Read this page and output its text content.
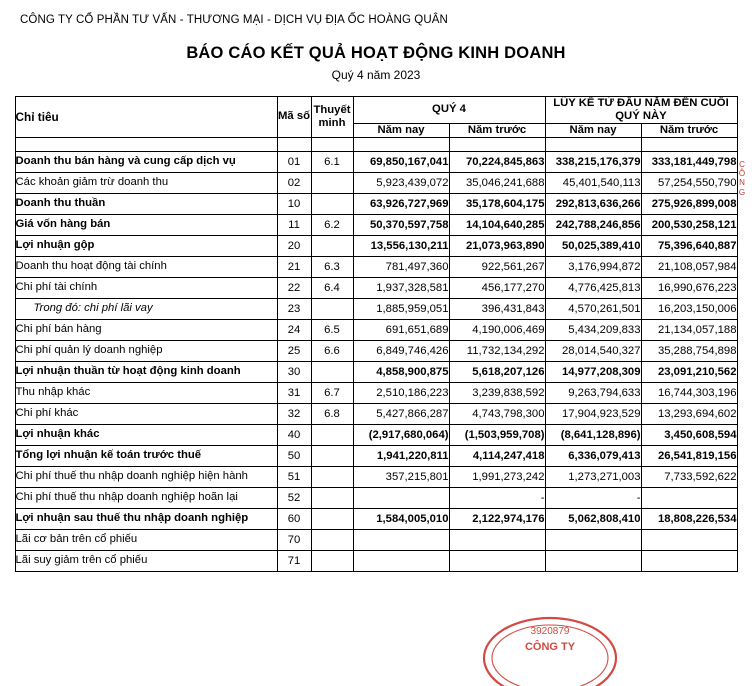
CÔNG TY CỔ PHẦN TƯ VẤN - THƯƠNG MẠI - DỊCH VỤ ĐỊA ỐC HOÀNG QUÂN
BÁO CÁO KẾT QUẢ HOẠT ĐỘNG KINH DOANH
Quý 4 năm 2023
Chỉ tiêu	Mã số	Thuyết minh	QUÝ 4		LŨY KẾ TỪ ĐẦU NĂM ĐẾN CUỐI QUÝ NÀY	
			Năm nay	Năm trước	Năm nay	Năm trước

Doanh thu bán hàng và cung cấp dịch vụ	01	6.1	69,850,167,041	70,224,845,863	338,215,176,379	333,181,449,798
Các khoản giảm trừ doanh thu	02		5,923,439,072	35,046,241,688	45,401,540,113	57,254,550,790
Doanh thu thuần	10		63,926,727,969	35,178,604,175	292,813,636,266	275,926,899,008
Giá vốn hàng bán	11	6.2	50,370,597,758	14,104,640,285	242,788,246,856	200,530,258,121
Lợi nhuận gộp	20		13,556,130,211	21,073,963,890	50,025,389,410	75,396,640,887
Doanh thu hoạt động tài chính	21	6.3	781,497,360	922,561,267	3,176,994,872	21,108,057,984
Chi phí tài chính	22	6.4	1,937,328,581	456,177,270	4,776,425,813	16,990,676,223
Trong đó: chi phí lãi vay	23		1,885,959,051	396,431,843	4,570,261,501	16,203,150,006
Chi phí bán hàng	24	6.5	691,651,689	4,190,006,469	5,434,209,833	21,134,057,188
Chi phí quản lý doanh nghiệp	25	6.6	6,849,746,426	11,732,134,292	28,014,540,327	35,288,754,898
Lợi nhuận thuần từ hoạt động kinh doanh	30		4,858,900,875	5,618,207,126	14,977,208,309	23,091,210,562
Thu nhập khác	31	6.7	2,510,186,223	3,239,838,592	9,263,794,633	16,744,303,196
Chi phí khác	32	6.8	5,427,866,287	4,743,798,300	17,904,923,529	13,293,694,602
Lợi nhuận khác	40		(2,917,680,064)	(1,503,959,708)	(8,641,128,896)	3,450,608,594
Tổng lợi nhuận kế toán trước thuế	50		1,941,220,811	4,114,247,418	6,336,079,413	26,541,819,156
Chi phí thuế thu nhập doanh nghiệp hiện hành	51		357,215,801	1,991,273,242	1,273,271,003	7,733,592,622
Chi phí thuế thu nhập doanh nghiệp hoãn lại	52			-	-	
Lợi nhuận sau thuế thu nhập doanh nghiệp	60		1,584,005,010	2,122,974,176	5,062,808,410	18,808,226,534
Lãi cơ bản trên cổ phiếu	70					
Lãi suy giảm trên cổ phiếu	71					
3920879
CÔNG TY
C
Ô
N
G
